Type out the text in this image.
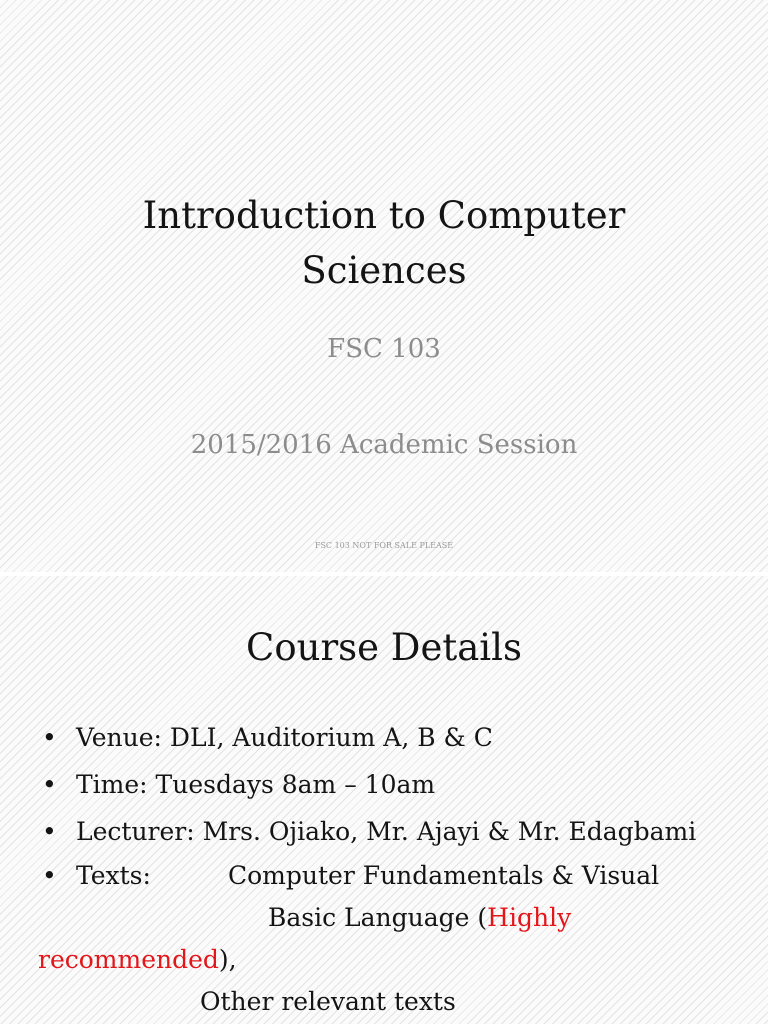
Introduction to Computer
Sciences
FSC 103
2015/2016 Academic Session
FSC 103 NOT FOR SALE PLEASE
Course Details
• Venue: DLI, Auditorium A, B & C
• Time: Tuesdays 8am – 10am
• Lecturer: Mrs. Ojiako, Mr. Ajayi & Mr. Edagbami
• Texts:	Computer Fundamentals & Visual
Basic Language (Highly
recommended),
Other relevant texts
